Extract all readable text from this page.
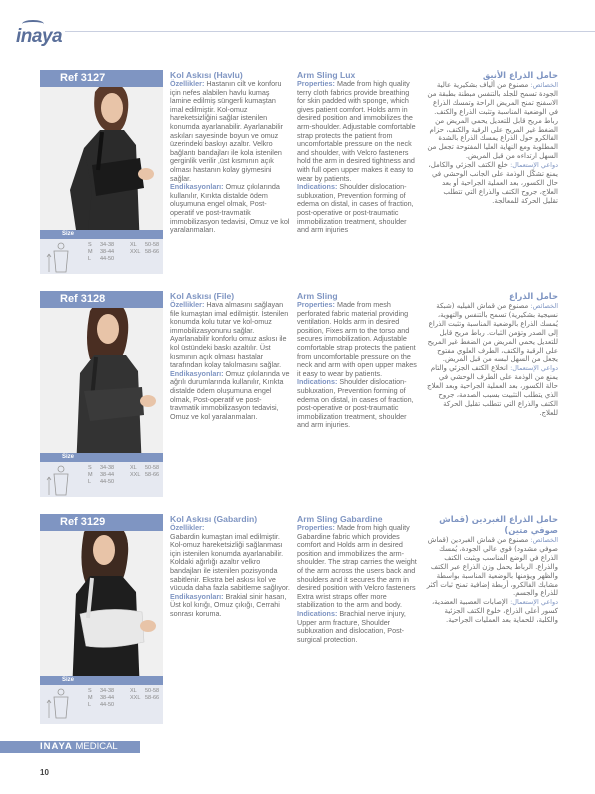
inaya
Ref 3127
Size
S 34-38	XL 50-58
M 38-44	XXL 58-66
L 44-50
Kol Askısı (Havlu)
Özellikler: Hastanın cilt ve konforu için nefes alabilen havlu kumaş lamine edilmiş süngerli kumaştan imal edilmiştir. Kol-omuz hareketsizliğini sağlar istenilen konumda ayarlanabilir. Ayarlanabilir askıları sayesinde boyun ve omuz üzerindeki baskıyı azaltır. Velkro bağlantı bandajları ile kola istenilen gerginlik verilir ,üst kısmının açık olması hastanın kolay giymesini sağlar.
Endikasyonları: Omuz çıkılarında kullanılır, Kırıkta distalde ödem oluşumuna engel olmak, Post-operatif ve post-travmatik immobilizasyon tedavisi, Omuz ve kol yaralanmaları.
Arm Sling Lux
Properties: Made from high quality terry cloth fabrics provide breathing for skin padded with sponge, which gives patient comfort. Holds arm in desired position and immobilizes the arm-shoulder. Adjustable comfortable strap protects the patient from uncomfortable pressure on the neck and shoulder, with Velcro fasteners hold the arm in desired tightness and with full open upper makes it easy to wear by patients.
Indications: Shoulder dislocation-subluxation, Prevention forming of edema on distal, in cases of fraction, post-operative or post-traumatic immobilization treatment, shoulder and arm injuries
حامل الذراع الأنيق
الخصائص: مصنوع من ألياف بشكيرية عالية الجودة تسمح للجلد بالتنفس مبطنة بطبقة من الاسفنج تمنح المريض الراحة وتمسك الذراع في الوضعية المناسبة وتثبت الذراع والكتف. رباط مريح قابل للتعديل يحمي المريض من الضغط غير المريح على الرقبة والكتف، حزام الفالكرو حول الذراع يمسك الذراع بالشدة المطلوبة ومع النهاية العليا المفتوحة تجعل من السهل ارتداءه من قبل المريض.
دواعي الإستعمال: خلع الكتف الجزئي والكامل، يمنع تشكّل الوذمة على الجانب الوحشي في حال الكسور، بعد العملية الجراحية أو بعد العلاج، جروح الكتف والذراع التي تتطلب تقليل الحركة للمعالجة.
Ref 3128
Size
S 34-38	XL 50-58
M 38-44	XXL 58-66
L 44-50
Kol Askısı (File)
Özellikler: Hava almasını sağlayan file kumaştan imal edilmiştir. İstenilen konumda kolu tutar ve kol-omuz immobilizasyonunu sağlar. Ayarlanabilir konforlu omuz askısı ile kol üstündeki baskı azaltılır. Üst kısmının açık olması hastalar tarafından kolay takılmasını sağlar.
Endikasyonları: Omuz çıkılarında ve ağrılı durumlarında kullanılır, Kırıkta distalde ödem oluşumuna engel olmak, Post-operatif ve post-travmatik immobilizasyon tedavisi, Omuz ve kol yaralanmaları.
Arm Sling
Properties: Made from mesh perforated fabric material providing ventilation. Holds arm in desired position, Fixes arm to the torso and secures immobilization. Adjustable comfortable strap protects the patient from uncomfortable pressure on the neck and arm with open upper makes it easy to wear by patients.
Indications: Shoulder dislocation-subluxation, Prevention forming of edema on distal, in cases of fraction, post-operative or post-traumatic immobilization treatment, shoulder and arm injuries.
حامل الذراع
الخصائص: مصنوع من قماش الفيليه (شبكة نسيجية بشكيرية) تسمح بالتنفس والتهوية، يُمسك الذراع بالوضعية المناسبة وتثبت الذراع إلى الصدر وتؤمن الثبات. رباط مريح قابل للتعديل يحمي المريض من الضغط غير المريح على الرقبة والكتف، الطرف العلوي مفتوح يجعل من السهل لبسه من قبل المريض.
دواعي الإستعمال: انخلاع الكتف الجزئي والتام يمنع من الوذمة على الطرف الوحشي في حالة الكسور، بعد العملية الجراحية وبعد العلاج الذي يتطلب التثبيت بسبب الصدمة، جروح الكتف والذراع التي تتطلب تقليل الحركة للعلاج.
Ref 3129
Size
S 34-38	XL 50-58
M 38-44	XXL 58-66
L 44-50
Kol Askısı (Gabardin)
Özellikler:
Gabardin kumaştan imal edilmiştir. Kol-omuz hareketsizliği sağlanması için istenilen konumda ayarlanabilir. Koldaki ağırlığı azaltır velkro bandajları ile istenilen pozisyonda sabitlenir. Ekstra bel askısı kol ve vücuda daha fazla sabitleme sağlıyor.
Endikasyonları: Brakial sinir hasarı, Üst kol kırığı, Omuz çıkığı, Cerrahi sonrası koruma.
Arm Sling Gabardine
Properties: Made from high quality Gabardine fabric which provides comfort and Holds arm in desired position and immobilizes the arm-shoulder. The strap carries the weight of the arm across the users back and shoulders and it secures the arm in desired position with Velcro fasteners Extra wrist straps offer more stabilization to the arm and body.
Indications: Brachial nerve injury, Upper arm fracture, Shoulder subluxation and dislocation, Post-surgical protection.
حامل الذراع الغبردين (قماش صوفي متين)
الخصائص: مصنوع من قماش الغبردين (قماش صوفي مشدود) قوي عالي الجودة، يُمسك الذراع في الوضع المناسب ويثبت الكتف والذراع. الرباط يحمل وزن الذراع عبر الكتف والظهر ويؤمنها بالوضعية المناسبة بواسطة مشابك الفالكرو، أربطة إضافية تمنح ثبات أكثر للذراع والجسم.
دواعي الإستعمال: الإصابات العصبية العضدية، كسور أعلى الذراع، خلوع الكتف الجزئية والكلية، للحماية بعد العمليات الجراحية.
INAYA MEDICAL
10
